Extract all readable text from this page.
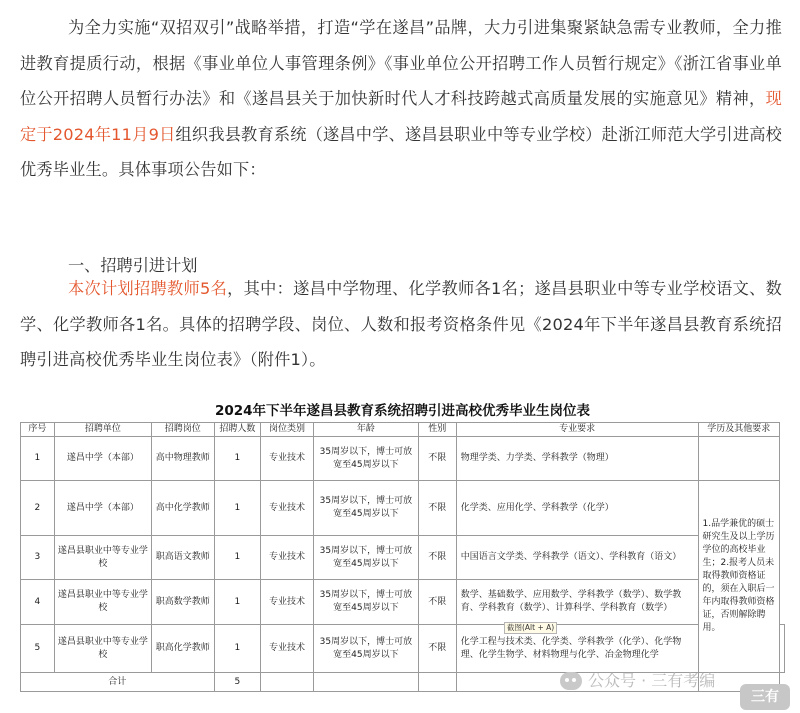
为全力实施“双招双引”战略举措，打造“学在遂昌”品牌，大力引进集聚紧缺急需专业教师，全力推进教育提质行动，根据《事业单位人事管理条例》《事业单位公开招聘工作人员暂行规定》《浙江省事业单位公开招聘人员暂行办法》和《遂昌县关于加快新时代人才科技跨越式高质量发展的实施意见》精神，现定于2024年11月9日组织我县教育系统（遂昌中学、遂昌县职业中等专业学校）赴浙江师范大学引进高校优秀毕业生。具体事项公告如下：

一、招聘引进计划

本次计划招聘教师5名，其中：遂昌中学物理、化学教师各1名；遂昌县职业中等专业学校语文、数学、化学教师各1名。具体的招聘学段、岗位、人数和报考资格条件见《2024年下半年遂昌县教育系统招聘引进高校优秀毕业生岗位表》（附件1）。

2024年下半年遂昌县教育系统招聘引进高校优秀毕业生岗位表
序号	招聘单位	招聘岗位	招聘人数	岗位类别	年龄	性别	专业要求	学历及其他要求	
1	遂昌中学（本部）	高中物理教师	1	专业技术	35周岁以下，博士可放宽至45周岁以下	不限	物理学类、力学类、学科教学（物理）		
2	遂昌中学（本部）	高中化学教师	1	专业技术	35周岁以下，博士可放宽至45周岁以下	不限	化学类、应用化学、学科教学（化学）	1.品学兼优的硕士研究生及以上学历学位的高校毕业生；2.报考人员未取得教师资格证的，须在入职后一年内取得教师资格证，否则解除聘用。	
3	遂昌县职业中等专业学校	职高语文教师	1	专业技术	35周岁以下，博士可放宽至45周岁以下	不限	中国语言文学类、学科教学（语文）、学科教育（语文）		
4	遂昌县职业中等专业学校	职高数学教师	1	专业技术	35周岁以下，博士可放宽至45周岁以下	不限	数学、基础数学、应用数学、学科教学（数学）、数学教育、学科教育（数学）、计算科学、学科教育（数学）		
5	遂昌县职业中等专业学校	职高化学教师	1	专业技术	35周岁以下，博士可放宽至45周岁以下	不限	化学工程与技术类、化学类、学科教学（化学）、化学物理、化学生物学、材料物理与化学、冶金物理化学		
合计			5						
截图(Alt + A)
公众号 · 三有考编
三有
